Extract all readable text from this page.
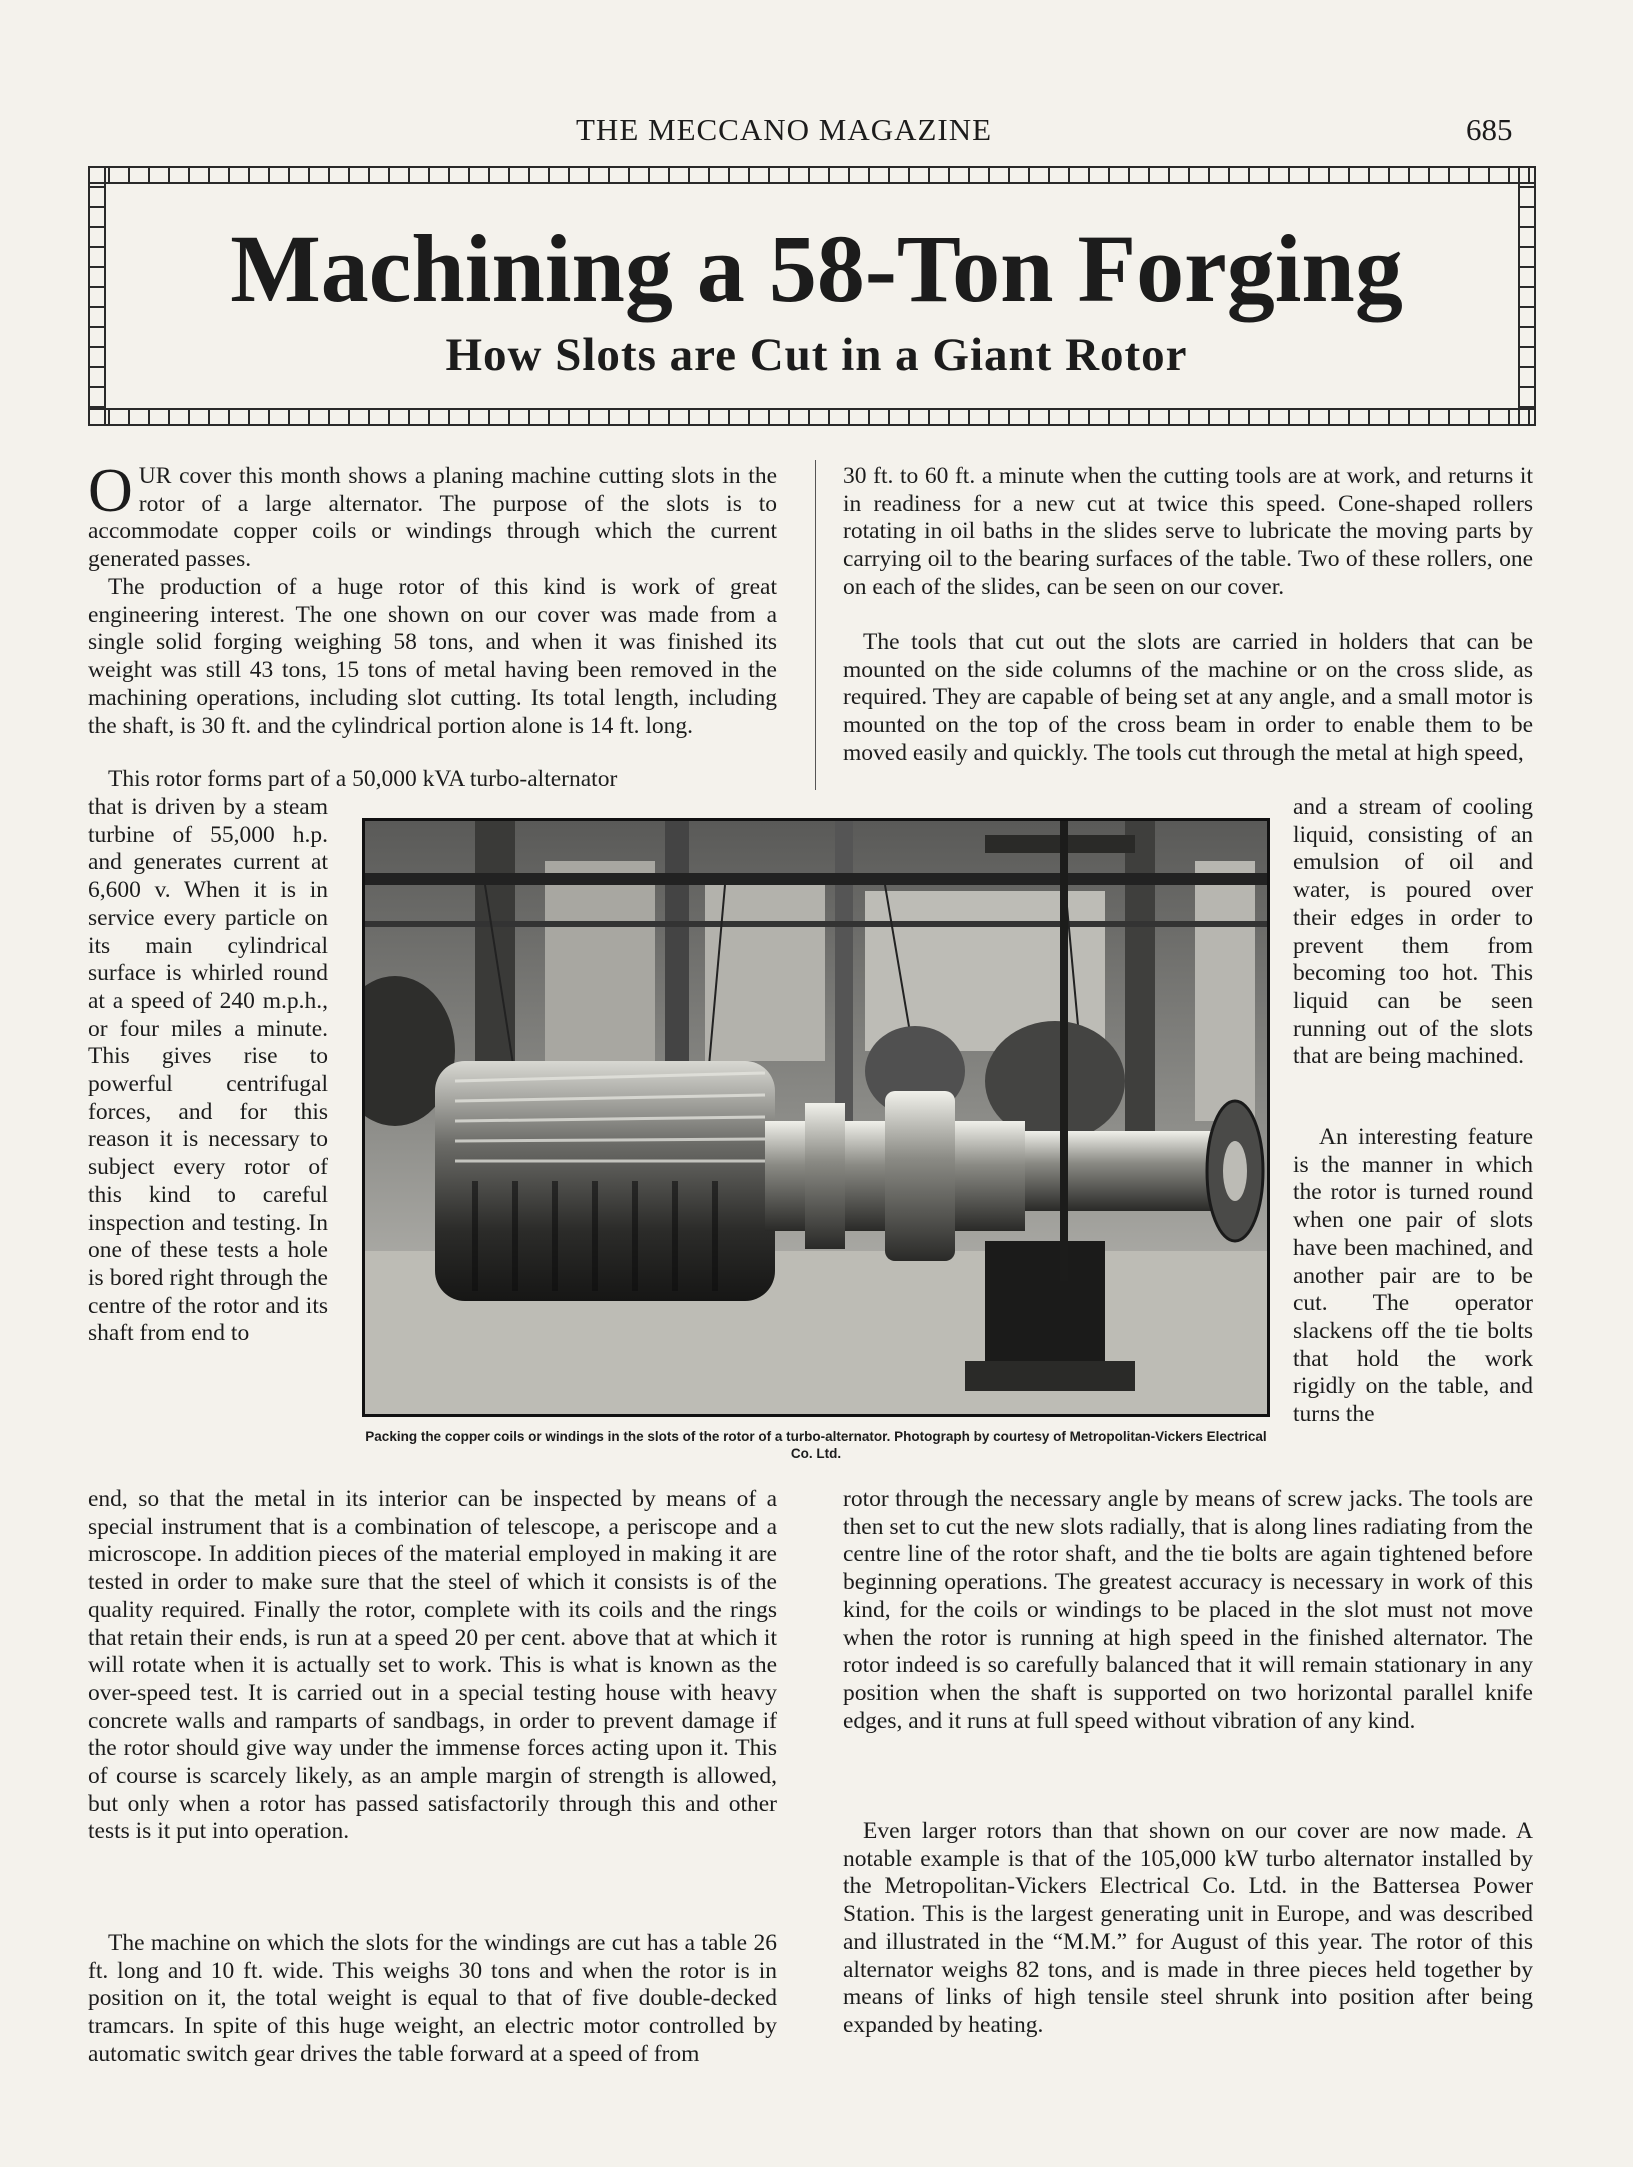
THE MECCANO MAGAZINE	685
Machining a 58-Ton Forging
How Slots are Cut in a Giant Rotor
OUR cover this month shows a planing machine cutting slots in the rotor of a large alternator. The purpose of the slots is to accommodate copper coils or windings through which the current generated passes.
The production of a huge rotor of this kind is work of great engineering interest. The one shown on our cover was made from a single solid forging weighing 58 tons, and when it was finished its weight was still 43 tons, 15 tons of metal having been removed in the machining operations, including slot cutting. Its total length, including the shaft, is 30 ft. and the cylindrical portion alone is 14 ft. long.
This rotor forms part of a 50,000 kVA turbo-alternator
that is driven by a steam turbine of 55,000 h.p. and generates current at 6,600 v. When it is in service every particle on its main cylindrical surface is whirled round at a speed of 240 m.p.h., or four miles a minute. This gives rise to powerful centrifugal forces, and for this reason it is necessary to subject every rotor of this kind to careful inspection and testing. In one of these tests a hole is bored right through the centre of the rotor and its shaft from end to
end, so that the metal in its interior can be inspected by means of a special instrument that is a combination of telescope, a periscope and a microscope. In addition pieces of the material employed in making it are tested in order to make sure that the steel of which it consists is of the quality required. Finally the rotor, complete with its coils and the rings that retain their ends, is run at a speed 20 per cent. above that at which it will rotate when it is actually set to work. This is what is known as the over-speed test. It is carried out in a special testing house with heavy concrete walls and ramparts of sandbags, in order to prevent damage if the rotor should give way under the immense forces acting upon it. This of course is scarcely likely, as an ample margin of strength is allowed, but only when a rotor has passed satisfactorily through this and other tests is it put into operation.
The machine on which the slots for the windings are cut has a table 26 ft. long and 10 ft. wide. This weighs 30 tons and when the rotor is in position on it, the total weight is equal to that of five double-decked tramcars. In spite of this huge weight, an electric motor controlled by automatic switch gear drives the table forward at a speed of from
30 ft. to 60 ft. a minute when the cutting tools are at work, and returns it in readiness for a new cut at twice this speed. Cone-shaped rollers rotating in oil baths in the slides serve to lubricate the moving parts by carrying oil to the bearing surfaces of the table. Two of these rollers, one on each of the slides, can be seen on our cover.
The tools that cut out the slots are carried in holders that can be mounted on the side columns of the machine or on the cross slide, as required. They are capable of being set at any angle, and a small motor is mounted on the top of the cross beam in order to enable them to be moved easily and quickly. The tools cut through the metal at high speed,
and a stream of cooling liquid, consisting of an emulsion of oil and water, is poured over their edges in order to prevent them from becoming too hot. This liquid can be seen running out of the slots that are being machined.
An interesting feature is the manner in which the rotor is turned round when one pair of slots have been machined, and another pair are to be cut. The operator slackens off the tie bolts that hold the work rigidly on the table, and turns the
rotor through the necessary angle by means of screw jacks. The tools are then set to cut the new slots radially, that is along lines radiating from the centre line of the rotor shaft, and the tie bolts are again tightened before beginning operations. The greatest accuracy is necessary in work of this kind, for the coils or windings to be placed in the slot must not move when the rotor is running at high speed in the finished alternator. The rotor indeed is so carefully balanced that it will remain stationary in any position when the shaft is supported on two horizontal parallel knife edges, and it runs at full speed without vibration of any kind.
Even larger rotors than that shown on our cover are now made. A notable example is that of the 105,000 kW turbo alternator installed by the Metropolitan-Vickers Electrical Co. Ltd. in the Battersea Power Station. This is the largest generating unit in Europe, and was described and illustrated in the “M.M.” for August of this year. The rotor of this alternator weighs 82 tons, and is made in three pieces held together by means of links of high tensile steel shrunk into position after being expanded by heating.
Packing the copper coils or windings in the slots of the rotor of a turbo-alternator. Photograph by courtesy of Metropolitan-Vickers Electrical Co. Ltd.
